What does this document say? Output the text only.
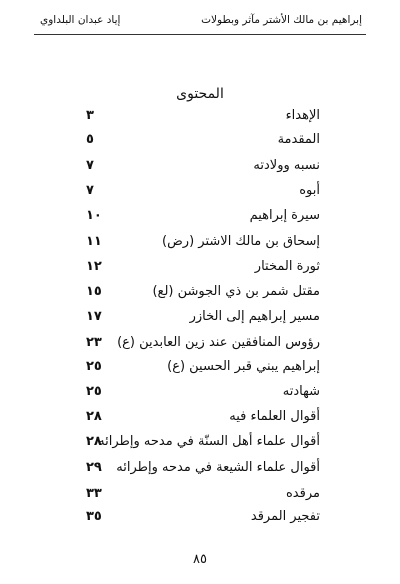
إبراهيم بن مالك الأشتر مآثر وبطولات
إياد عبدان البلداوي
المحتوى
الإهداء
٣
المقدمة
٥
نسبه وولادته
٧
أبوه
٧
سيرة إبراهيم
١٠
إسحاق بن مالك الاشتر (رض)
١١
ثورة المختار
١٢
مقتل شمر بن ذي الجوشن (لع)
١٥
مسير إبراهيم إلى الخازر
١٧
رؤوس المنافقين عند زين العابدين (ع)
٢٣
إبراهيم يبني قبر الحسين (ع)
٢٥
شهادته
٢٥
أقوال العلماء فيه
٢٨
أقوال علماء أهل السنّة في مدحه وإطرائه
٢٨
أقوال علماء الشيعة في مدحه وإطرائه
٢٩
مرقده
٣٣
تفجير المرقد
٣٥
٨٥
